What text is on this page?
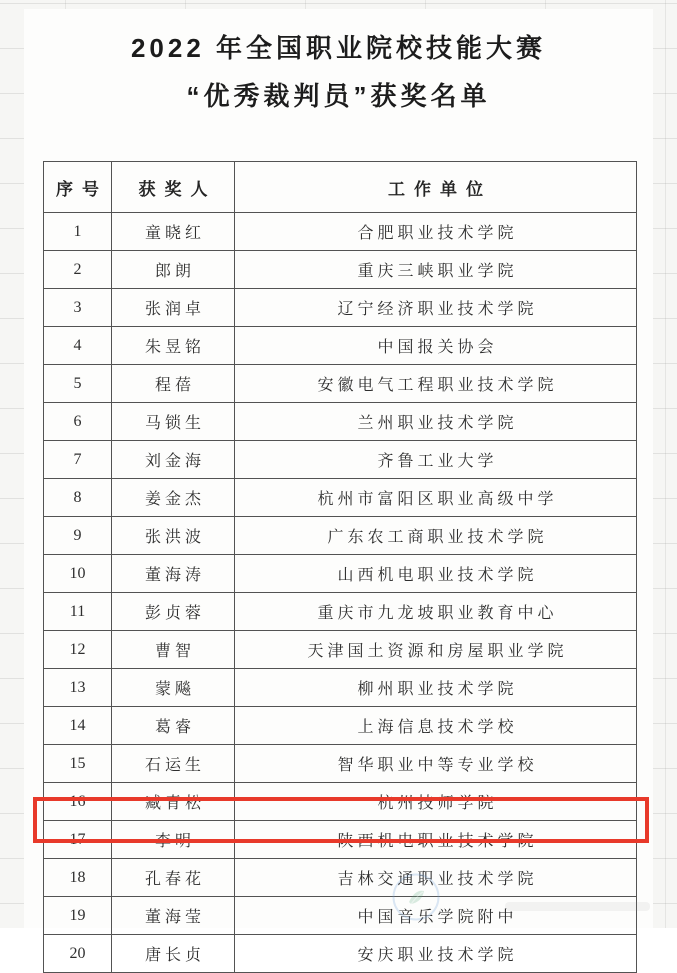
2022 年全国职业院校技能大赛
“优秀裁判员”获奖名单
序号	获奖人	工作单位
1	童晓红	合肥职业技术学院
2	郎朗	重庆三峡职业学院
3	张润卓	辽宁经济职业技术学院
4	朱昱铭	中国报关协会
5	程蓓	安徽电气工程职业技术学院
6	马锁生	兰州职业技术学院
7	刘金海	齐鲁工业大学
8	姜金杰	杭州市富阳区职业高级中学
9	张洪波	广东农工商职业技术学院
10	董海涛	山西机电职业技术学院
11	彭贞蓉	重庆市九龙坡职业教育中心
12	曹智	天津国土资源和房屋职业学院
13	蒙飚	柳州职业技术学院
14	葛睿	上海信息技术学校
15	石运生	智华职业中等专业学校
16	臧青松	杭州技师学院
17	李明	陕西机电职业技术学院
18	孔春花	吉林交通职业技术学院
19	董海莹	中国音乐学院附中
20	唐长贞	安庆职业技术学院
